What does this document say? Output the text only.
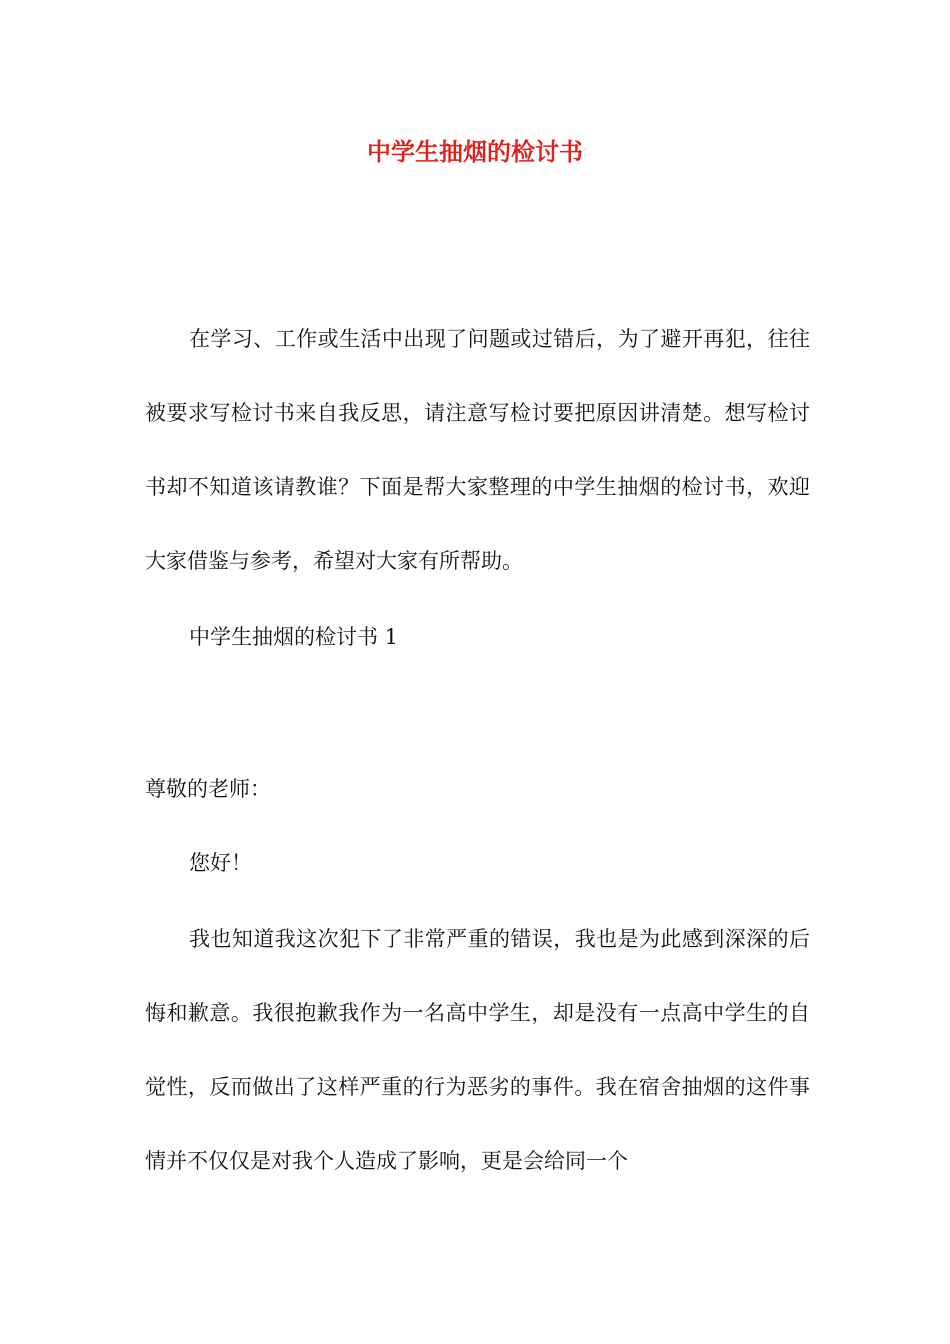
中学生抽烟的检讨书

在学习、工作或生活中出现了问题或过错后，为了避开再犯，往往被要求写检讨书来自我反思，请注意写检讨要把原因讲清楚。想写检讨书却不知道该请教谁？下面是帮大家整理的中学生抽烟的检讨书，欢迎大家借鉴与参考，希望对大家有所帮助。

中学生抽烟的检讨书 1

尊敬的老师：

您好！

我也知道我这次犯下了非常严重的错误，我也是为此感到深深的后悔和歉意。我很抱歉我作为一名高中学生，却是没有一点高中学生的自觉性，反而做出了这样严重的行为恶劣的事件。我在宿舍抽烟的这件事情并不仅仅是对我个人造成了影响，更是会给同一个
